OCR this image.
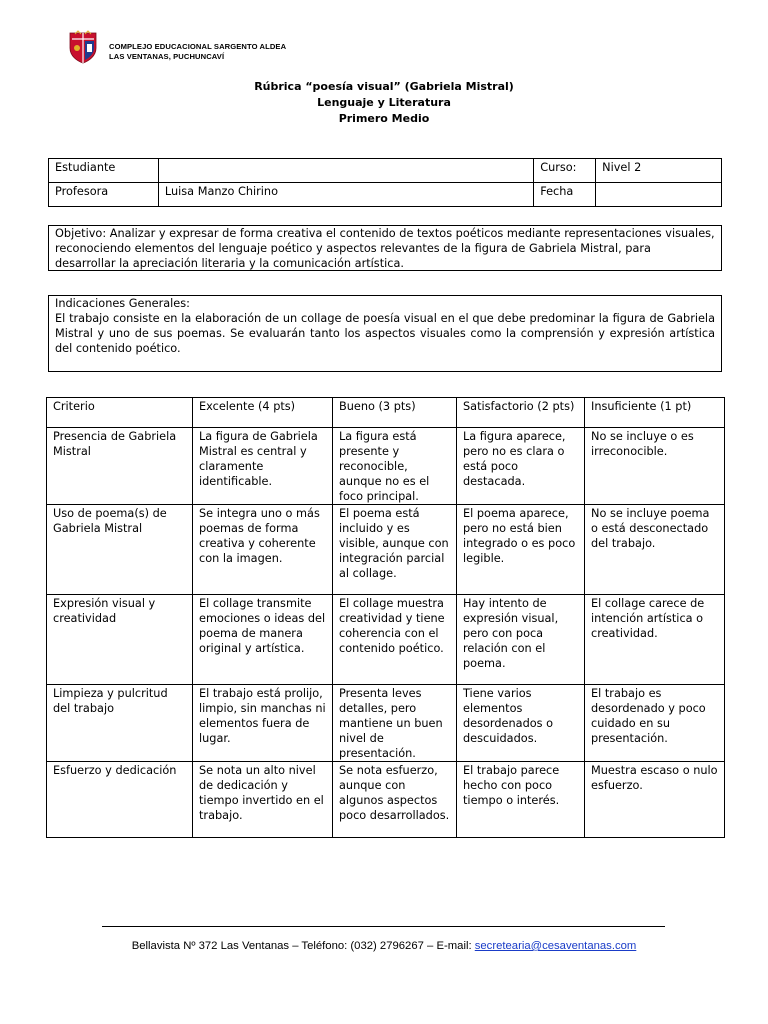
COMPLEJO EDUCACIONAL SARGENTO ALDEA
LAS VENTANAS, PUCHUNCAVÍ
Rúbrica “poesía visual” (Gabriela Mistral)
Lenguaje y Literatura
Primero Medio
Estudiante		Curso:	Nivel 2
Profesora	Luisa Manzo Chirino	Fecha	
Objetivo: Analizar y expresar de forma creativa el contenido de textos poéticos mediante representaciones visuales, reconociendo elementos del lenguaje poético y aspectos relevantes de la figura de Gabriela Mistral, para desarrollar la apreciación literaria y la comunicación artística.
Indicaciones Generales:
El trabajo consiste en la elaboración de un collage de poesía visual en el que debe predominar la figura de Gabriela Mistral y uno de sus poemas. Se evaluarán tanto los aspectos visuales como la comprensión y expresión artística del contenido poético.
Criterio	Excelente (4 pts)	Bueno (3 pts)	Satisfactorio (2 pts)	Insuficiente (1 pt)
Presencia de Gabriela Mistral	La figura de Gabriela Mistral es central y claramente identificable.	La figura está presente y reconocible, aunque no es el foco principal.	La figura aparece, pero no es clara o está poco destacada.	No se incluye o es irreconocible.
Uso de poema(s) de Gabriela Mistral	Se integra uno o más poemas de forma creativa y coherente con la imagen.	El poema está incluido y es visible, aunque con integración parcial al collage.	El poema aparece, pero no está bien integrado o es poco legible.	No se incluye poema o está desconectado del trabajo.
Expresión visual y creatividad	El collage transmite emociones o ideas del poema de manera original y artística.	El collage muestra creatividad y tiene coherencia con el contenido poético.	Hay intento de expresión visual, pero con poca relación con el poema.	El collage carece de intención artística o creatividad.
Limpieza y pulcritud del trabajo	El trabajo está prolijo, limpio, sin manchas ni elementos fuera de lugar.	Presenta leves detalles, pero mantiene un buen nivel de presentación.	Tiene varios elementos desordenados o descuidados.	El trabajo es desordenado y poco cuidado en su presentación.
Esfuerzo y dedicación	Se nota un alto nivel de dedicación y tiempo invertido en el trabajo.	Se nota esfuerzo, aunque con algunos aspectos poco desarrollados.	El trabajo parece hecho con poco tiempo o interés.	Muestra escaso o nulo esfuerzo.
Bellavista Nº 372 Las Ventanas – Teléfono: (032) 2796267 – E-mail: secretearia@cesaventanas.com
